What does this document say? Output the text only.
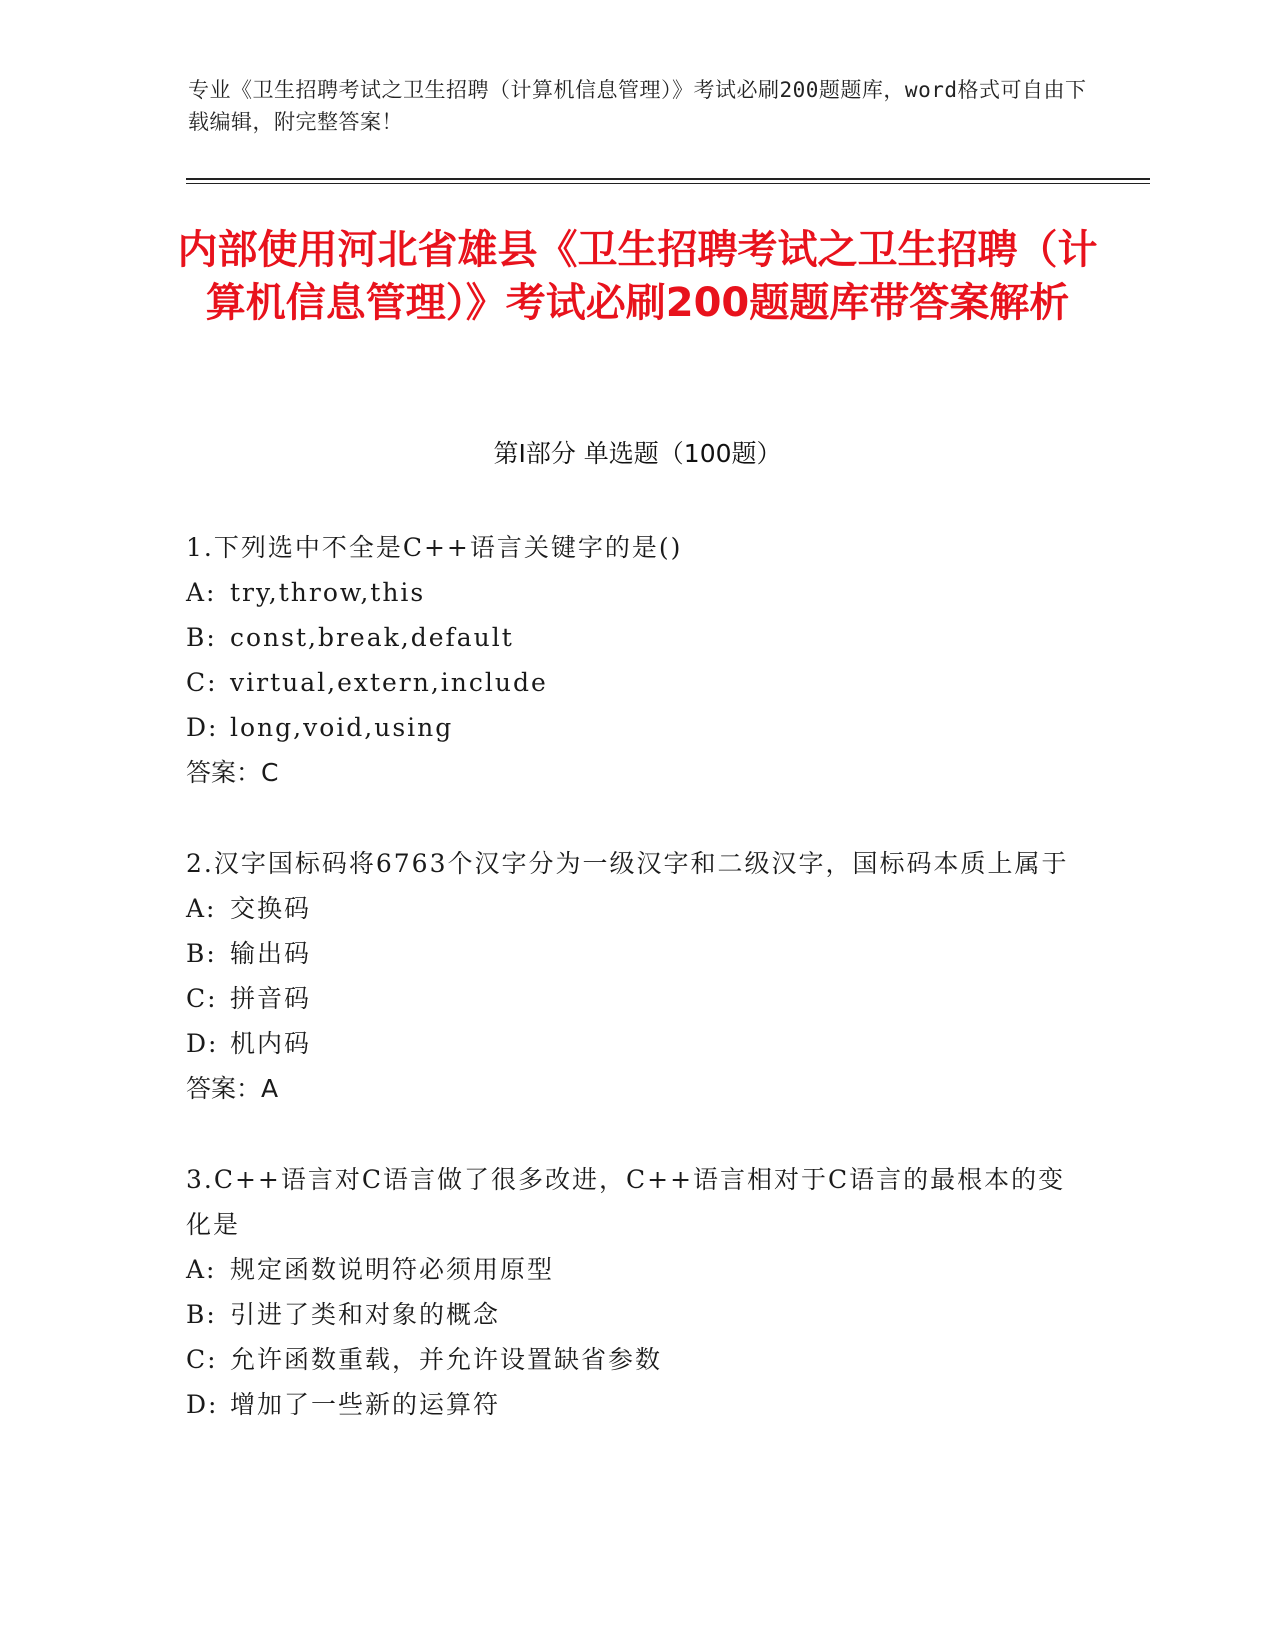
专业《卫生招聘考试之卫生招聘（计算机信息管理）》考试必刷200题题库，word格式可自由下载编辑，附完整答案！
内部使用河北省雄县《卫生招聘考试之卫生招聘（计算机信息管理）》考试必刷200题题库带答案解析
第Ⅰ部分 单选题（100题）

1.下列选中不全是C++语言关键字的是()

A: try,throw,this

B: const,break,default

C: virtual,extern,include

D: long,void,using

答案：C

2.汉字国标码将6763个汉字分为一级汉字和二级汉字，国标码本质上属于

A: 交换码

B: 输出码

C: 拼音码

D: 机内码

答案：A

3.C++语言对C语言做了很多改进，C++语言相对于C语言的最根本的变化是

A: 规定函数说明符必须用原型

B: 引进了类和对象的概念

C: 允许函数重载，并允许设置缺省参数

D: 增加了一些新的运算符
